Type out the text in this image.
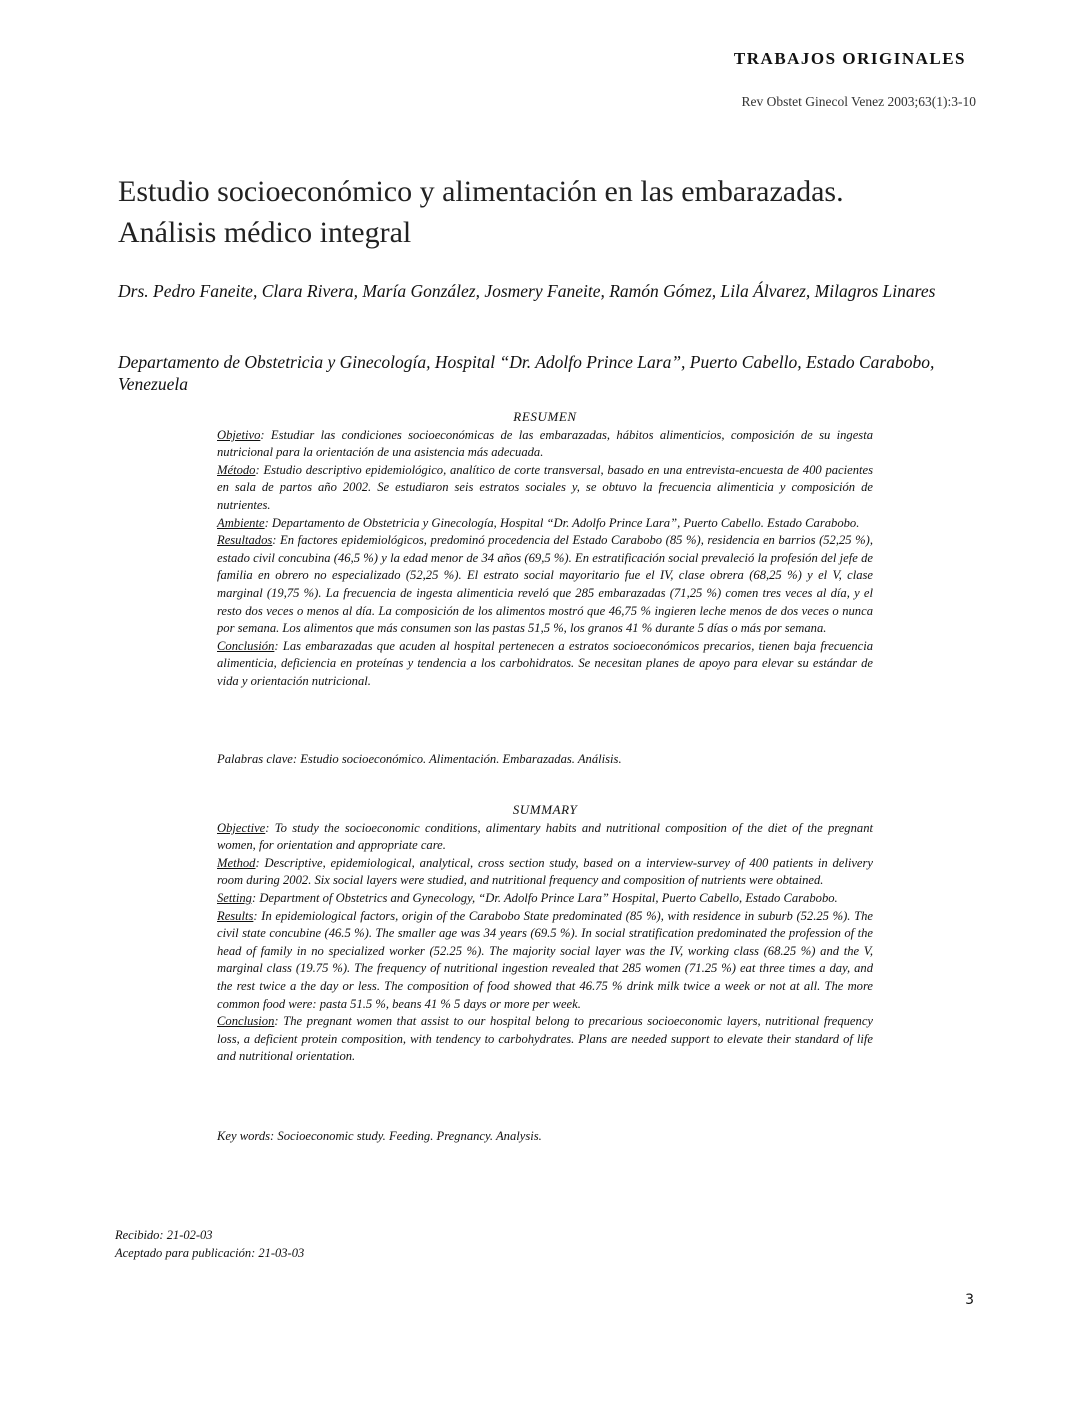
TRABAJOS ORIGINALES
Rev Obstet Ginecol Venez 2003;63(1):3-10
Estudio socioeconómico y alimentación en las embarazadas.
Análisis médico integral
Drs. Pedro Faneite, Clara Rivera, María González, Josmery Faneite, Ramón Gómez, Lila Álvarez, Milagros Linares
Departamento de Obstetricia y Ginecología, Hospital “Dr. Adolfo Prince Lara”, Puerto Cabello, Estado Carabobo, Venezuela
RESUMEN

Objetivo: Estudiar las condiciones socioeconómicas de las embarazadas, hábitos alimenticios, composición de su ingesta nutricional para la orientación de una asistencia más adecuada.

Método: Estudio descriptivo epidemiológico, analítico de corte transversal, basado en una entrevista-encuesta de 400 pacientes en sala de partos año 2002. Se estudiaron seis estratos sociales y, se obtuvo la frecuencia alimenticia y composición de nutrientes.

Ambiente: Departamento de Obstetricia y Ginecología, Hospital “Dr. Adolfo Prince Lara”, Puerto Cabello. Estado Carabobo.

Resultados: En factores epidemiológicos, predominó procedencia del Estado Carabobo (85 %), residencia en barrios (52,25 %), estado civil concubina (46,5 %) y la edad menor de 34 años (69,5 %). En estratificación social prevaleció la profesión del jefe de familia en obrero no especializado (52,25 %). El estrato social mayoritario fue el IV, clase obrera (68,25 %) y el V, clase marginal (19,75 %). La frecuencia de ingesta alimenticia reveló que 285 embarazadas (71,25 %) comen tres veces al día, y el resto dos veces o menos al día. La composición de los alimentos mostró que 46,75 % ingieren leche menos de dos veces o nunca por semana. Los alimentos que más consumen son las pastas 51,5 %, los granos 41 % durante 5 días o más por semana.

Conclusión: Las embarazadas que acuden al hospital pertenecen a estratos socioeconómicos precarios, tienen baja frecuencia alimenticia, deficiencia en proteínas y tendencia a los carbohidratos. Se necesitan planes de apoyo para elevar su estándar de vida y orientación nutricional.

Palabras clave: Estudio socioeconómico. Alimentación. Embarazadas. Análisis.
SUMMARY

Objective: To study the socioeconomic conditions, alimentary habits and nutritional composition of the diet of the pregnant women, for orientation and appropriate care.

Method: Descriptive, epidemiological, analytical, cross section study, based on a interview-survey of 400 patients in delivery room during 2002. Six social layers were studied, and nutritional frequency and composition of nutrients were obtained.

Setting: Department of Obstetrics and Gynecology, “Dr. Adolfo Prince Lara” Hospital, Puerto Cabello, Estado Carabobo.

Results: In epidemiological factors, origin of the Carabobo State predominated (85 %), with residence in suburb (52.25 %). The civil state concubine (46.5 %). The smaller age was 34 years (69.5 %). In social stratification predominated the profession of the head of family in no specialized worker (52.25 %). The majority social layer was the IV, working class (68.25 %) and the V, marginal class (19.75 %). The frequency of nutritional ingestion revealed that 285 women (71.25 %) eat three times a day, and the rest twice a the day or less. The composition of food showed that 46.75 % drink milk twice a week or not at all. The more common food were: pasta 51.5 %, beans 41 % 5 days or more per week.

Conclusion: The pregnant women that assist to our hospital belong to precarious socioeconomic layers, nutritional frequency loss, a deficient protein composition, with tendency to carbohydrates. Plans are needed support to elevate their standard of life and nutritional orientation.

Key words: Socioeconomic study. Feeding. Pregnancy. Analysis.
Recibido: 21-02-03
Aceptado para publicación: 21-03-03
3
